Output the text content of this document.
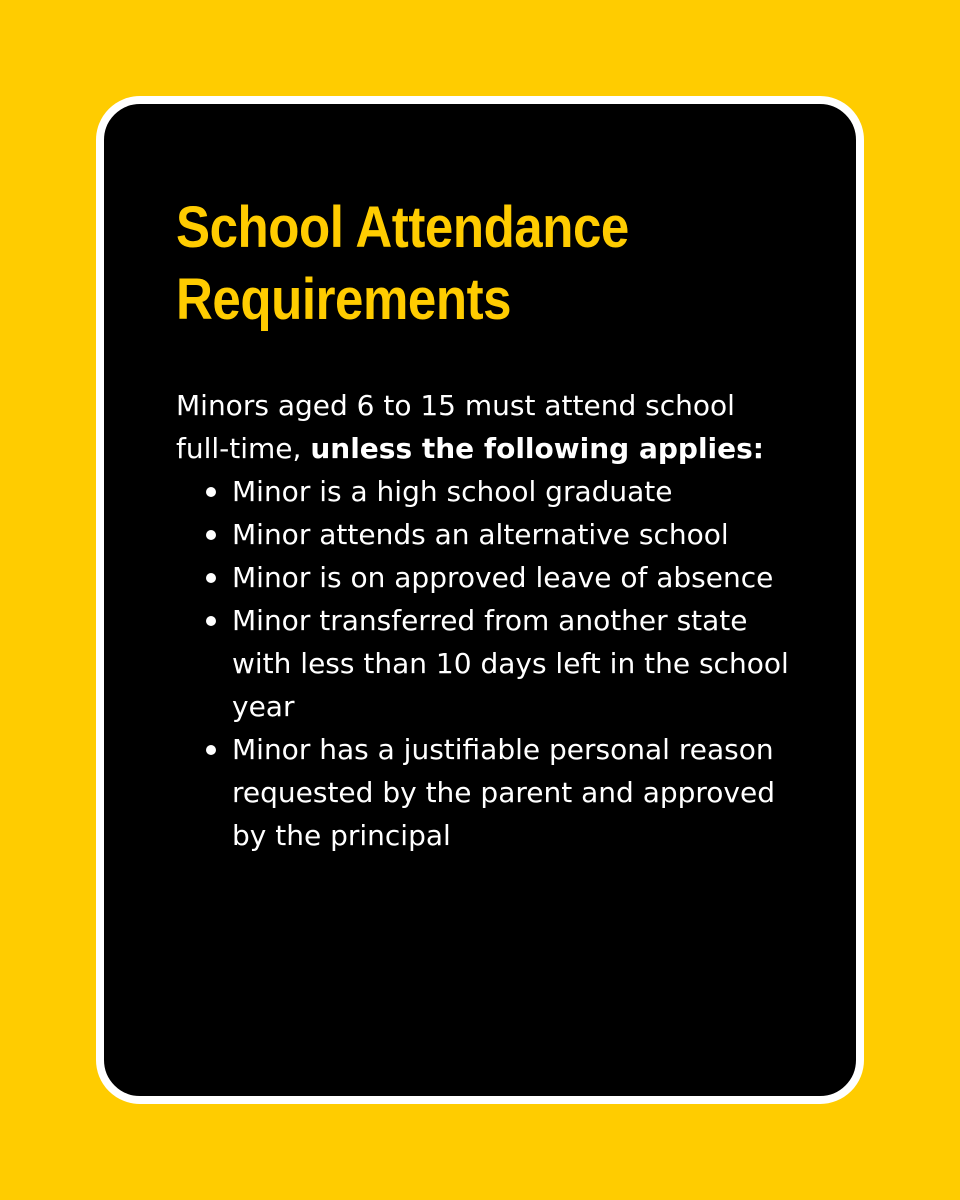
School Attendance Requirements

Minors aged 6 to 15 must attend school full-time, unless the following applies:

Minor is a high school graduate
Minor attends an alternative school
Minor is on approved leave of absence
Minor transferred from another state with less than 10 days left in the school year
Minor has a justifiable personal reason requested by the parent and approved by the principal
